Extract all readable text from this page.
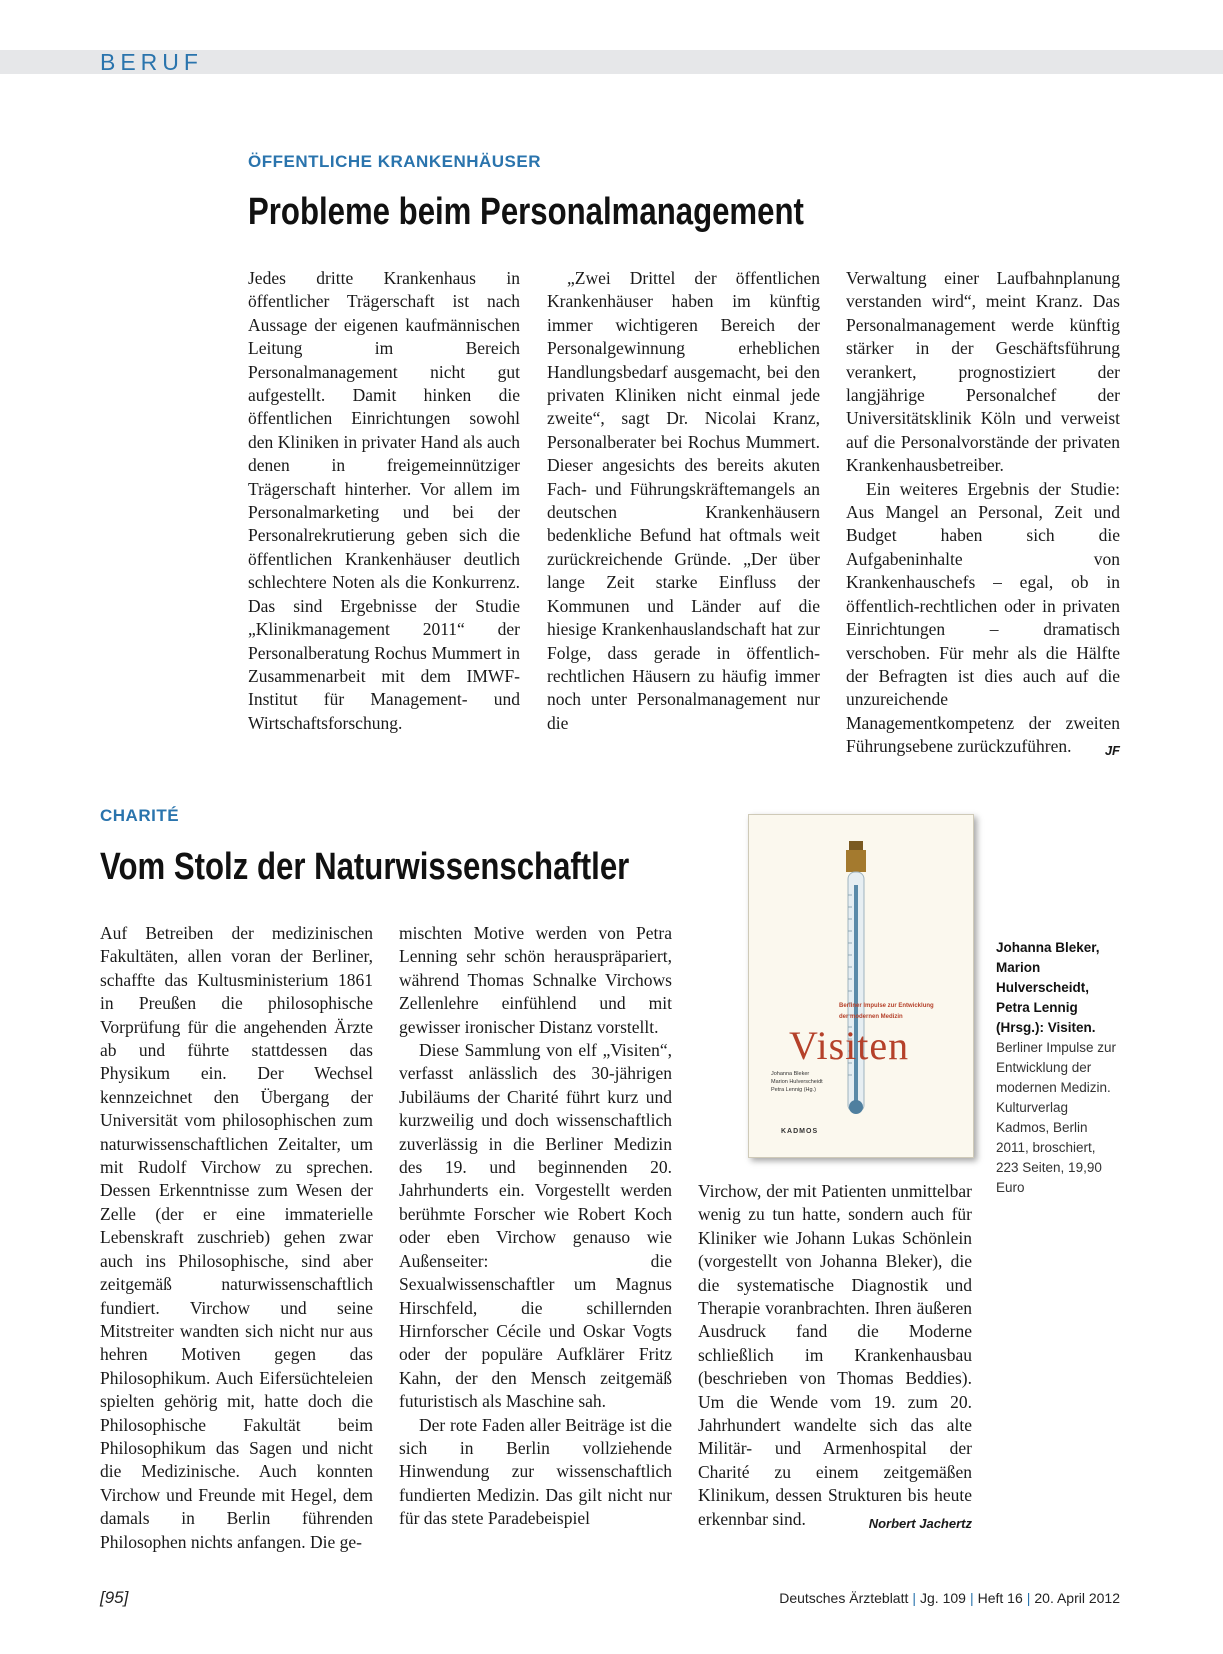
BERUF
ÖFFENTLICHE KRANKENHÄUSER
Probleme beim Personalmanagement

Jedes dritte Krankenhaus in öffentlicher Trägerschaft ist nach Aussage der eigenen kaufmännischen Leitung im Bereich Personalmanagement nicht gut aufgestellt. Damit hinken die öffentlichen Einrichtungen sowohl den Kliniken in privater Hand als auch denen in freigemeinnütziger Trägerschaft hinterher. Vor allem im Personalmarketing und bei der Personalrekrutierung geben sich die öffentlichen Krankenhäuser deutlich schlechtere Noten als die Konkurrenz. Das sind Ergebnisse der Studie „Klinikmanagement 2011“ der Personalberatung Rochus Mummert in Zusammenarbeit mit dem IMWF-Institut für Management- und Wirtschaftsforschung.

„Zwei Drittel der öffentlichen Krankenhäuser haben im künftig immer wichtigeren Bereich der Personalgewinnung erheblichen Handlungsbedarf ausgemacht, bei den privaten Kliniken nicht einmal jede zweite“, sagt Dr. Nicolai Kranz, Personalberater bei Rochus Mummert. Dieser angesichts des bereits akuten Fach- und Führungskräftemangels an deutschen Krankenhäusern bedenkliche Befund hat oftmals weit zurückreichende Gründe. „Der über lange Zeit starke Einfluss der Kommunen und Länder auf die hiesige Krankenhauslandschaft hat zur Folge, dass gerade in öffentlich-rechtlichen Häusern zu häufig immer noch unter Personalmanagement nur die

Verwaltung einer Laufbahnplanung verstanden wird“, meint Kranz. Das Personalmanagement werde künftig stärker in der Geschäftsführung verankert, prognostiziert der langjährige Personalchef der Universitätsklinik Köln und verweist auf die Personalvorstände der privaten Krankenhausbetreiber.

Ein weiteres Ergebnis der Studie: Aus Mangel an Personal, Zeit und Budget haben sich die Aufgabeninhalte von Krankenhauschefs – egal, ob in öffentlich-rechtlichen oder in privaten Einrichtungen – dramatisch verschoben. Für mehr als die Hälfte der Befragten ist dies auch auf die unzureichende Managementkompetenz der zweiten Führungsebene zurückzuführen.	JF

CHARITÉ
Vom Stolz der Naturwissenschaftler

Auf Betreiben der medizinischen Fakultäten, allen voran der Berliner, schaffte das Kultusministerium 1861 in Preußen die philosophische Vorprüfung für die angehenden Ärzte ab und führte stattdessen das Physikum ein. Der Wechsel kennzeichnet den Übergang der Universität vom philosophischen zum naturwissenschaftlichen Zeitalter, um mit Rudolf Virchow zu sprechen. Dessen Erkenntnisse zum Wesen der Zelle (der er eine immaterielle Lebenskraft zuschrieb) gehen zwar auch ins Philosophische, sind aber zeitgemäß naturwissenschaftlich fundiert. Virchow und seine Mitstreiter wandten sich nicht nur aus hehren Motiven gegen das Philosophikum. Auch Eifersüchteleien spielten gehörig mit, hatte doch die Philosophische Fakultät beim Philosophikum das Sagen und nicht die Medizinische. Auch konnten Virchow und Freunde mit Hegel, dem damals in Berlin führenden Philosophen nichts anfangen. Die ge-

mischten Motive werden von Petra Lenning sehr schön herauspräpariert, während Thomas Schnalke Virchows Zellenlehre einfühlend und mit gewisser ironischer Distanz vorstellt.

Diese Sammlung von elf „Visiten“, verfasst anlässlich des 30-jährigen Jubiläums der Charité führt kurz und kurzweilig und doch wissenschaftlich zuverlässig in die Berliner Medizin des 19. und beginnenden 20. Jahrhunderts ein. Vorgestellt werden berühmte Forscher wie Robert Koch oder eben Virchow genauso wie Außenseiter: die Sexualwissenschaftler um Magnus Hirschfeld, die schillernden Hirnforscher Cécile und Oskar Vogts oder der populäre Aufklärer Fritz Kahn, der den Mensch zeitgemäß futuristisch als Maschine sah.

Der rote Faden aller Beiträge ist die sich in Berlin vollziehende Hinwendung zur wissenschaftlich fundierten Medizin. Das gilt nicht nur für das stete Paradebeispiel

Virchow, der mit Patienten unmittelbar wenig zu tun hatte, sondern auch für Kliniker wie Johann Lukas Schönlein (vorgestellt von Johanna Bleker), die die systematische Diagnostik und Therapie voranbrachten. Ihren äußeren Ausdruck fand die Moderne schließlich im Krankenhausbau (beschrieben von Thomas Beddies). Um die Wende vom 19. zum 20. Jahrhundert wandelte sich das alte Militär- und Armenhospital der Charité zu einem zeitgemäßen Klinikum, dessen Strukturen bis heute erkennbar sind.	Norbert Jachertz

Berliner Impulse zur Entwicklung
der modernen Medizin
Visiten
Johanna Bleker
Marion Hulverscheidt
Petra Lennig (Hg.)
KADMOS
Johanna Bleker, Marion Hulverscheidt, Petra Lennig (Hrsg.): Visiten. Berliner Impulse zur Entwicklung der modernen Medizin. Kulturverlag Kadmos, Berlin 2011, broschiert, 223 Seiten, 19,90 Euro
[95]	Deutsches Ärzteblatt | Jg. 109 | Heft 16 | 20. April 2012
